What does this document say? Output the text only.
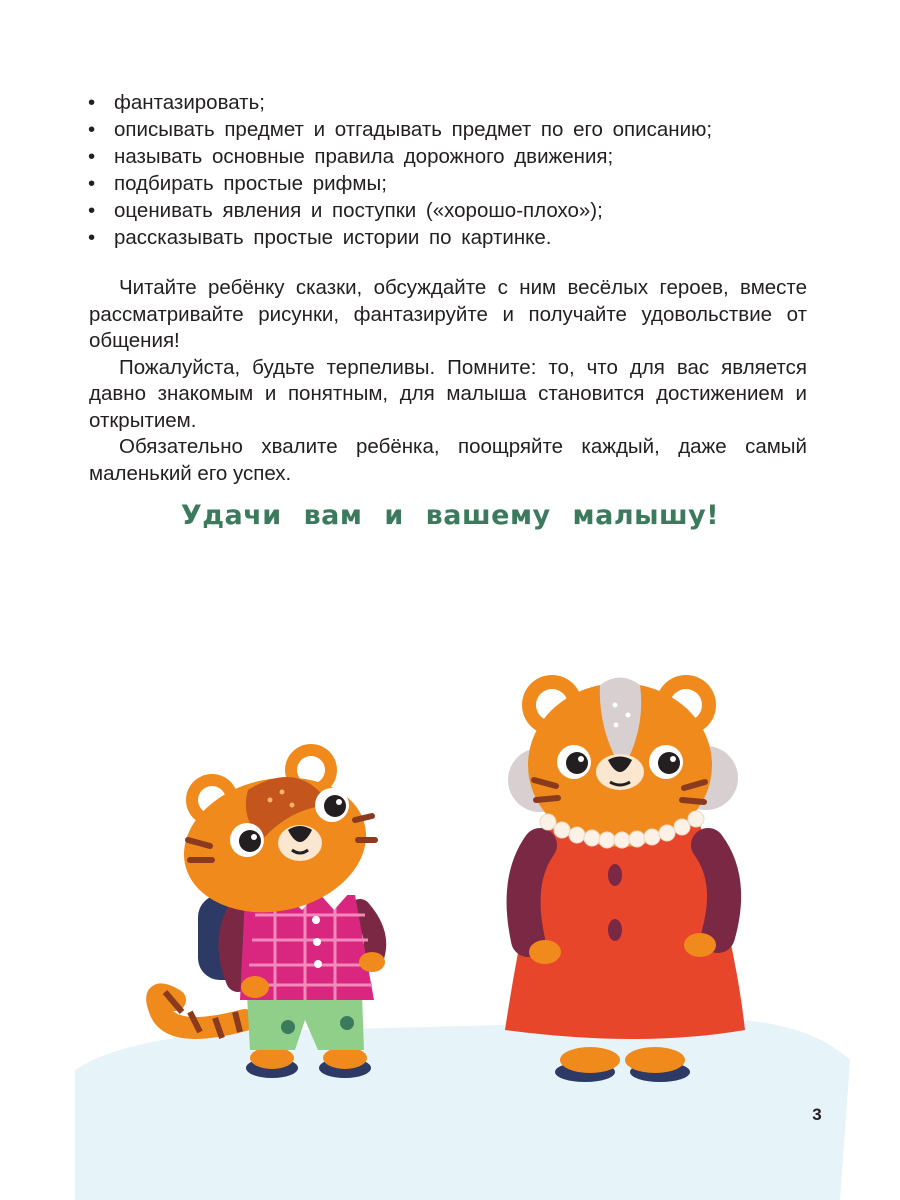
• фантазировать;
• описывать предмет и отгадывать предмет по его описанию;
• называть основные правила дорожного движения;
• подбирать простые рифмы;
• оценивать явления и поступки («хорошо-плохо»);
• рассказывать простые истории по картинке.

Читайте ребёнку сказки, обсуждайте с ним весёлых героев, вместе рассматривайте рисунки, фантазируйте и получайте удовольствие от общения!

Пожалуйста, будьте терпеливы. Помните: то, что для вас является давно знакомым и понятным, для малыша становится достижением и открытием.

Обязательно хвалите ребёнка, поощряйте каждый, даже самый маленький его успех.

Удачи вам и вашему малышу!
3
